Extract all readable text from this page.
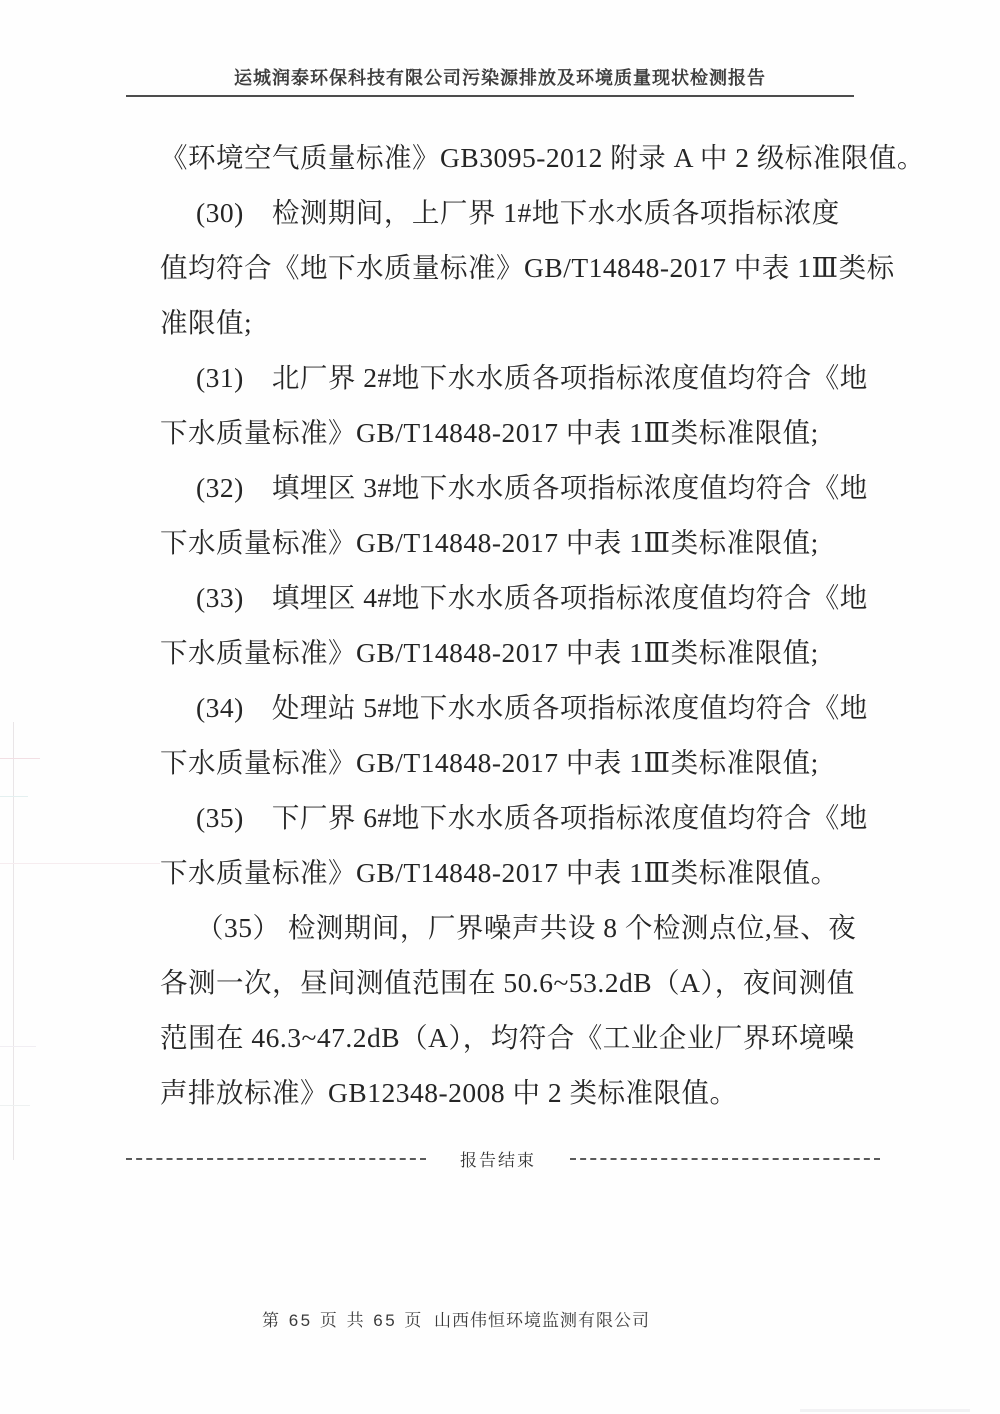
运城润泰环保科技有限公司污染源排放及环境质量现状检测报告
《环境空气质量标准》GB3095-2012 附录 A 中 2 级标准限值。
(30)　检测期间，上厂界 1#地下水水质各项指标浓度
值均符合《地下水质量标准》GB/T14848-2017 中表 1Ⅲ类标
准限值;
(31)　北厂界 2#地下水水质各项指标浓度值均符合《地
下水质量标准》GB/T14848-2017 中表 1Ⅲ类标准限值;
(32)　填埋区 3#地下水水质各项指标浓度值均符合《地
下水质量标准》GB/T14848-2017 中表 1Ⅲ类标准限值;
(33)　填埋区 4#地下水水质各项指标浓度值均符合《地
下水质量标准》GB/T14848-2017 中表 1Ⅲ类标准限值;
(34)　处理站 5#地下水水质各项指标浓度值均符合《地
下水质量标准》GB/T14848-2017 中表 1Ⅲ类标准限值;
(35)　下厂界 6#地下水水质各项指标浓度值均符合《地
下水质量标准》GB/T14848-2017 中表 1Ⅲ类标准限值。
（35） 检测期间，厂界噪声共设 8 个检测点位,昼、夜
各测一次，昼间测值范围在 50.6~53.2dB（A），夜间测值
范围在 46.3~47.2dB（A），均符合《工业企业厂界环境噪
声排放标准》GB12348-2008 中 2 类标准限值。
报告结束
第 65 页 共 65 页 山西伟恒环境监测有限公司
